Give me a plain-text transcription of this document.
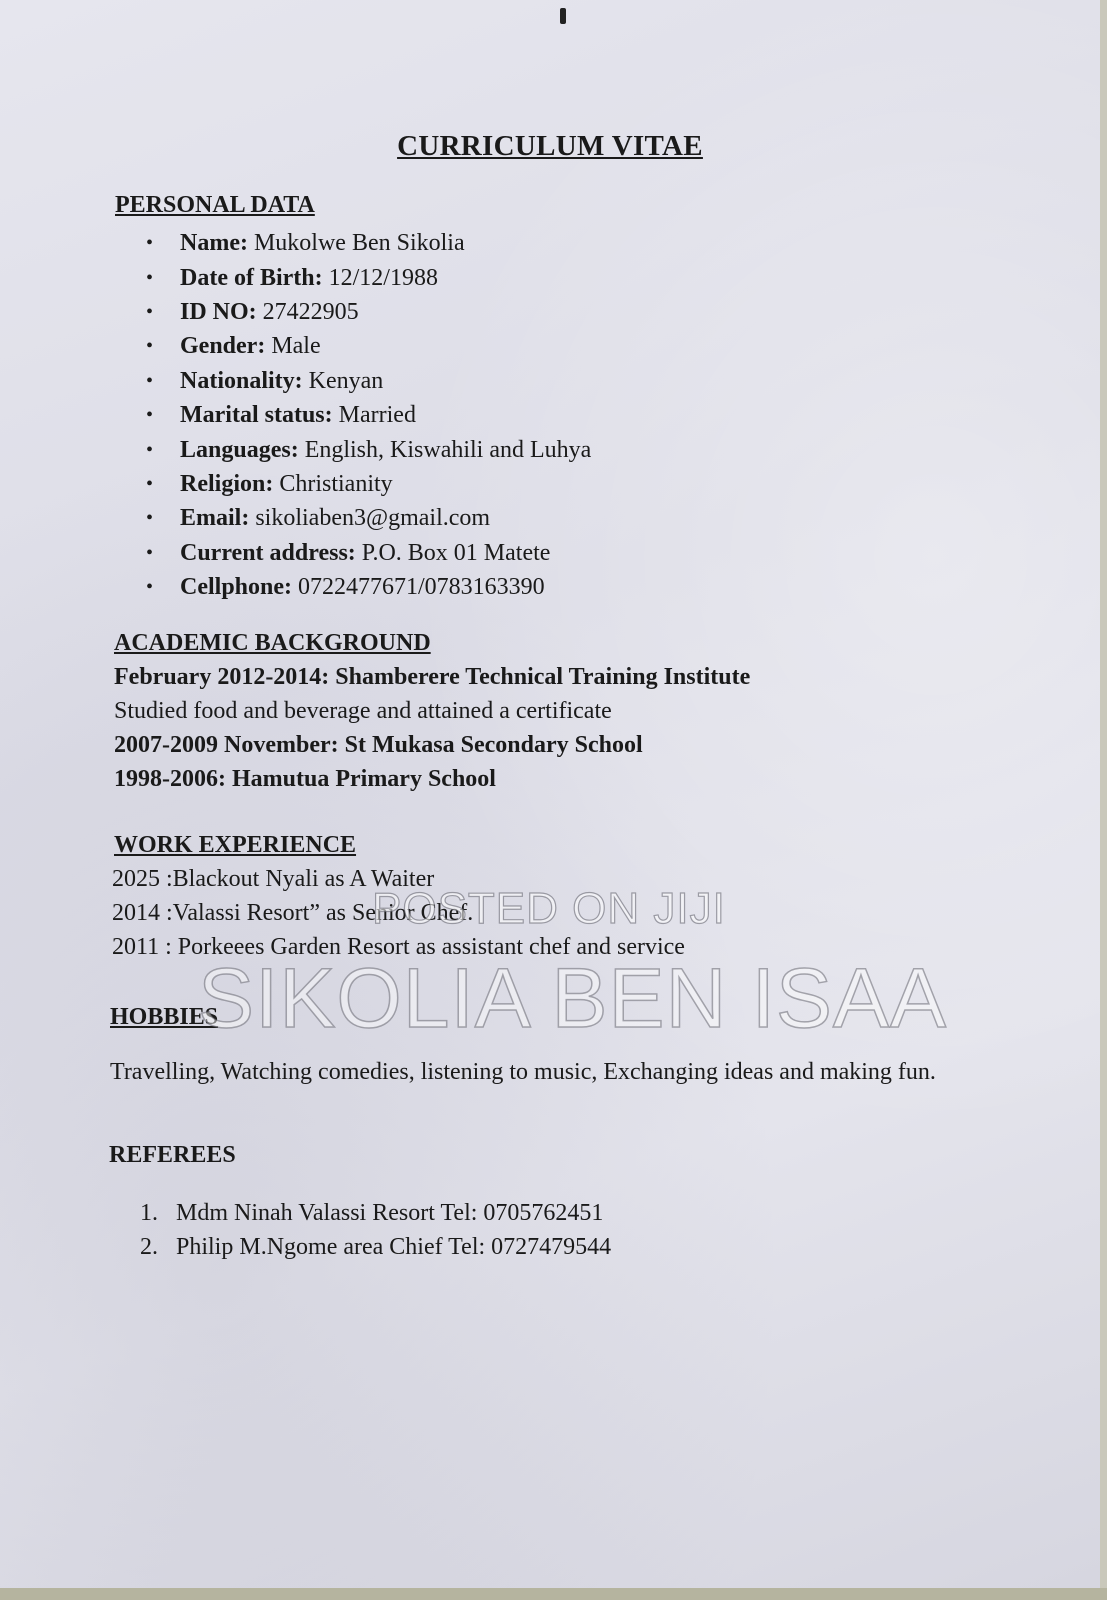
CURRICULUM VITAE
PERSONAL DATA
•	Name: Mukolwe Ben Sikolia
•	Date of Birth: 12/12/1988
•	ID NO: 27422905
•	Gender: Male
•	Nationality: Kenyan
•	Marital status: Married
•	Languages: English, Kiswahili and Luhya
•	Religion: Christianity
•	Email: sikoliaben3@gmail.com
•	Current address: P.O. Box 01 Matete
•	Cellphone: 0722477671/0783163390
ACADEMIC BACKGROUND
February 2012-2014: Shamberere Technical Training Institute
Studied food and beverage and attained a certificate
2007-2009 November: St Mukasa Secondary School
1998-2006: Hamutua Primary School
WORK EXPERIENCE
2025 :Blackout Nyali as A Waiter
2014 :Valassi Resort” as Senior Chef.
2011 : Porkeees Garden Resort as assistant chef and service
HOBBIES
Travelling, Watching comedies, listening to music, Exchanging ideas and making fun.
REFEREES
1. Mdm Ninah Valassi Resort Tel: 0705762451
2. Philip M.Ngome area Chief Tel: 0727479544
POSTED ON JIJI
SIKOLIA BEN ISAA
